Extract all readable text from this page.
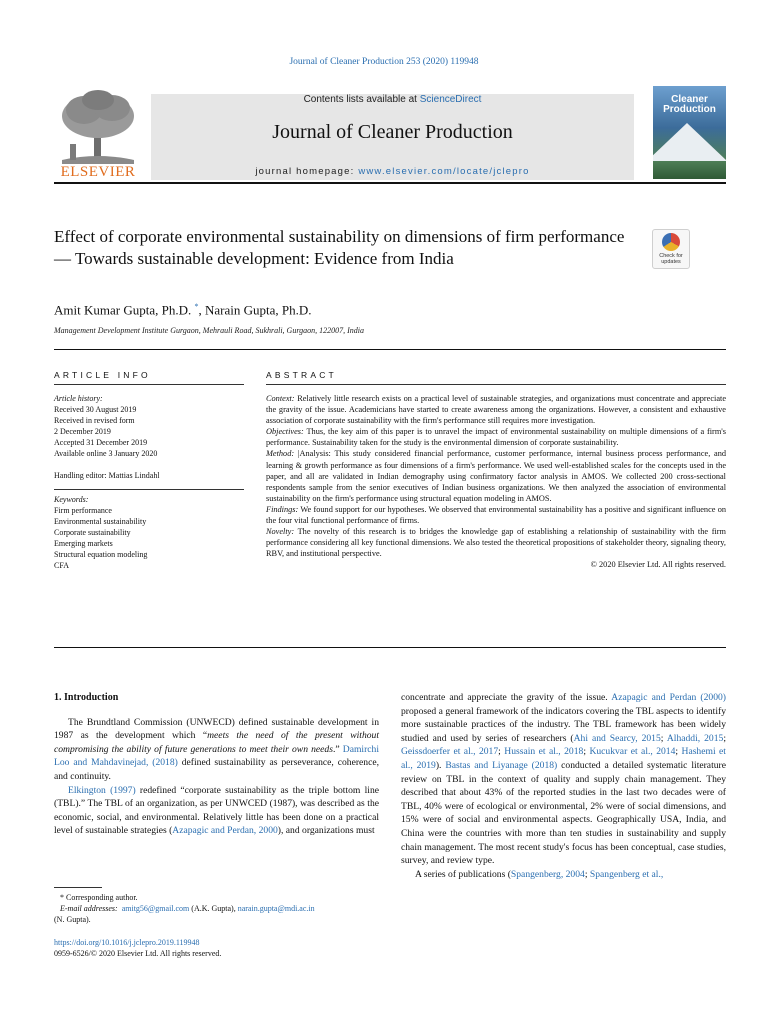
Journal of Cleaner Production 253 (2020) 119948
ELSEVIER
Contents lists available at ScienceDirect
Journal of Cleaner Production
journal homepage: www.elsevier.com/locate/jclepro
Cleaner
Production
Effect of corporate environmental sustainability on dimensions of firm performance — Towards sustainable development: Evidence from India	Check for updates
Amit Kumar Gupta, Ph.D. *, Narain Gupta, Ph.D.
Management Development Institute Gurgaon, Mehrauli Road, Sukhrali, Gurgaon, 122007, India
ARTICLE INFO
Article history:
Received 30 August 2019
Received in revised form
2 December 2019
Accepted 31 December 2019
Available online 3 January 2020
Handling editor: Mattias Lindahl
Keywords:
Firm performance
Environmental sustainability
Corporate sustainability
Emerging markets
Structural equation modeling
CFA
ABSTRACT

Context: Relatively little research exists on a practical level of sustainable strategies, and organizations must concentrate and appreciate the gravity of the issue. Academicians have started to create awareness among the organizations. However, a consistent and exhaustive association of corporate sustainability with the firm's performance still requires more investigation.

Objectives: Thus, the key aim of this paper is to unravel the impact of environmental sustainability on multiple dimensions of a firm's performance. Sustainability taken for the study is the environmental dimension of corporate sustainability.

Method: |Analysis: This study considered financial performance, customer performance, internal business process performance, and learning & growth performance as four dimensions of a firm's performance. We used well-established scales for the concepts used in the paper, and all are validated in Indian demography using confirmatory factor analysis in AMOS. We collected 200 cross-sectional respondents sample from the senior executives of Indian business organizations. We then analyzed the association of environmental sustainability on the firm's performance using structural equation modeling in AMOS.

Findings: We found support for our hypotheses. We observed that environmental sustainability has a positive and significant influence on the four vital functional performance of firms.

Novelty: The novelty of this research is to bridges the knowledge gap of establishing a relationship of sustainability with the firm performance considering all key functional dimensions. We also tested the theoretical propositions of stakeholder theory, signaling theory, RBV, and institutional perspective.

© 2020 Elsevier Ltd. All rights reserved.

1. Introduction

The Brundtland Commission (UNWECD) defined sustainable development in 1987 as the development which “meets the need of the present without compromising the ability of future generations to meet their own needs.” Damirchi Loo and Mahdavinejad, (2018) defined sustainability as perseverance, coherence, and continuity.

Elkington (1997) redefined “corporate sustainability as the triple bottom line (TBL).” The TBL of an organization, as per UNWCED (1987), was described as the economic, social, and environmental. Relatively little has been done on a practical level of sustainable strategies (Azapagic and Perdan, 2000), and organizations must

concentrate and appreciate the gravity of the issue. Azapagic and Perdan (2000) proposed a general framework of the indicators covering the TBL aspects to identify more sustainable practices of the industry. The TBL framework has been widely studied and used by series of researchers (Ahi and Searcy, 2015; Alhaddi, 2015; Geissdoerfer et al., 2017; Hussain et al., 2018; Kucukvar et al., 2014; Hashemi et al., 2019). Bastas and Liyanage (2018) conducted a detailed systematic literature review on TBL in the context of quality and supply chain management. They described that about 43% of the reported studies in the last two decades were of TBL, 40% were of ecological or environmental, 2% were of social dimensions, and 15% were of social and environmental aspects. Geographically USA, India, and China were the countries with more than ten studies in sustainability and supply chain management. The most recent study's focus has been conceptual, case studies, survey, and review type.

A series of publications (Spangenberg, 2004; Spangenberg et al.,

* Corresponding author.
E-mail addresses: amitg56@gmail.com (A.K. Gupta), narain.gupta@mdi.ac.in
(N. Gupta).
https://doi.org/10.1016/j.jclepro.2019.119948
0959-6526/© 2020 Elsevier Ltd. All rights reserved.
